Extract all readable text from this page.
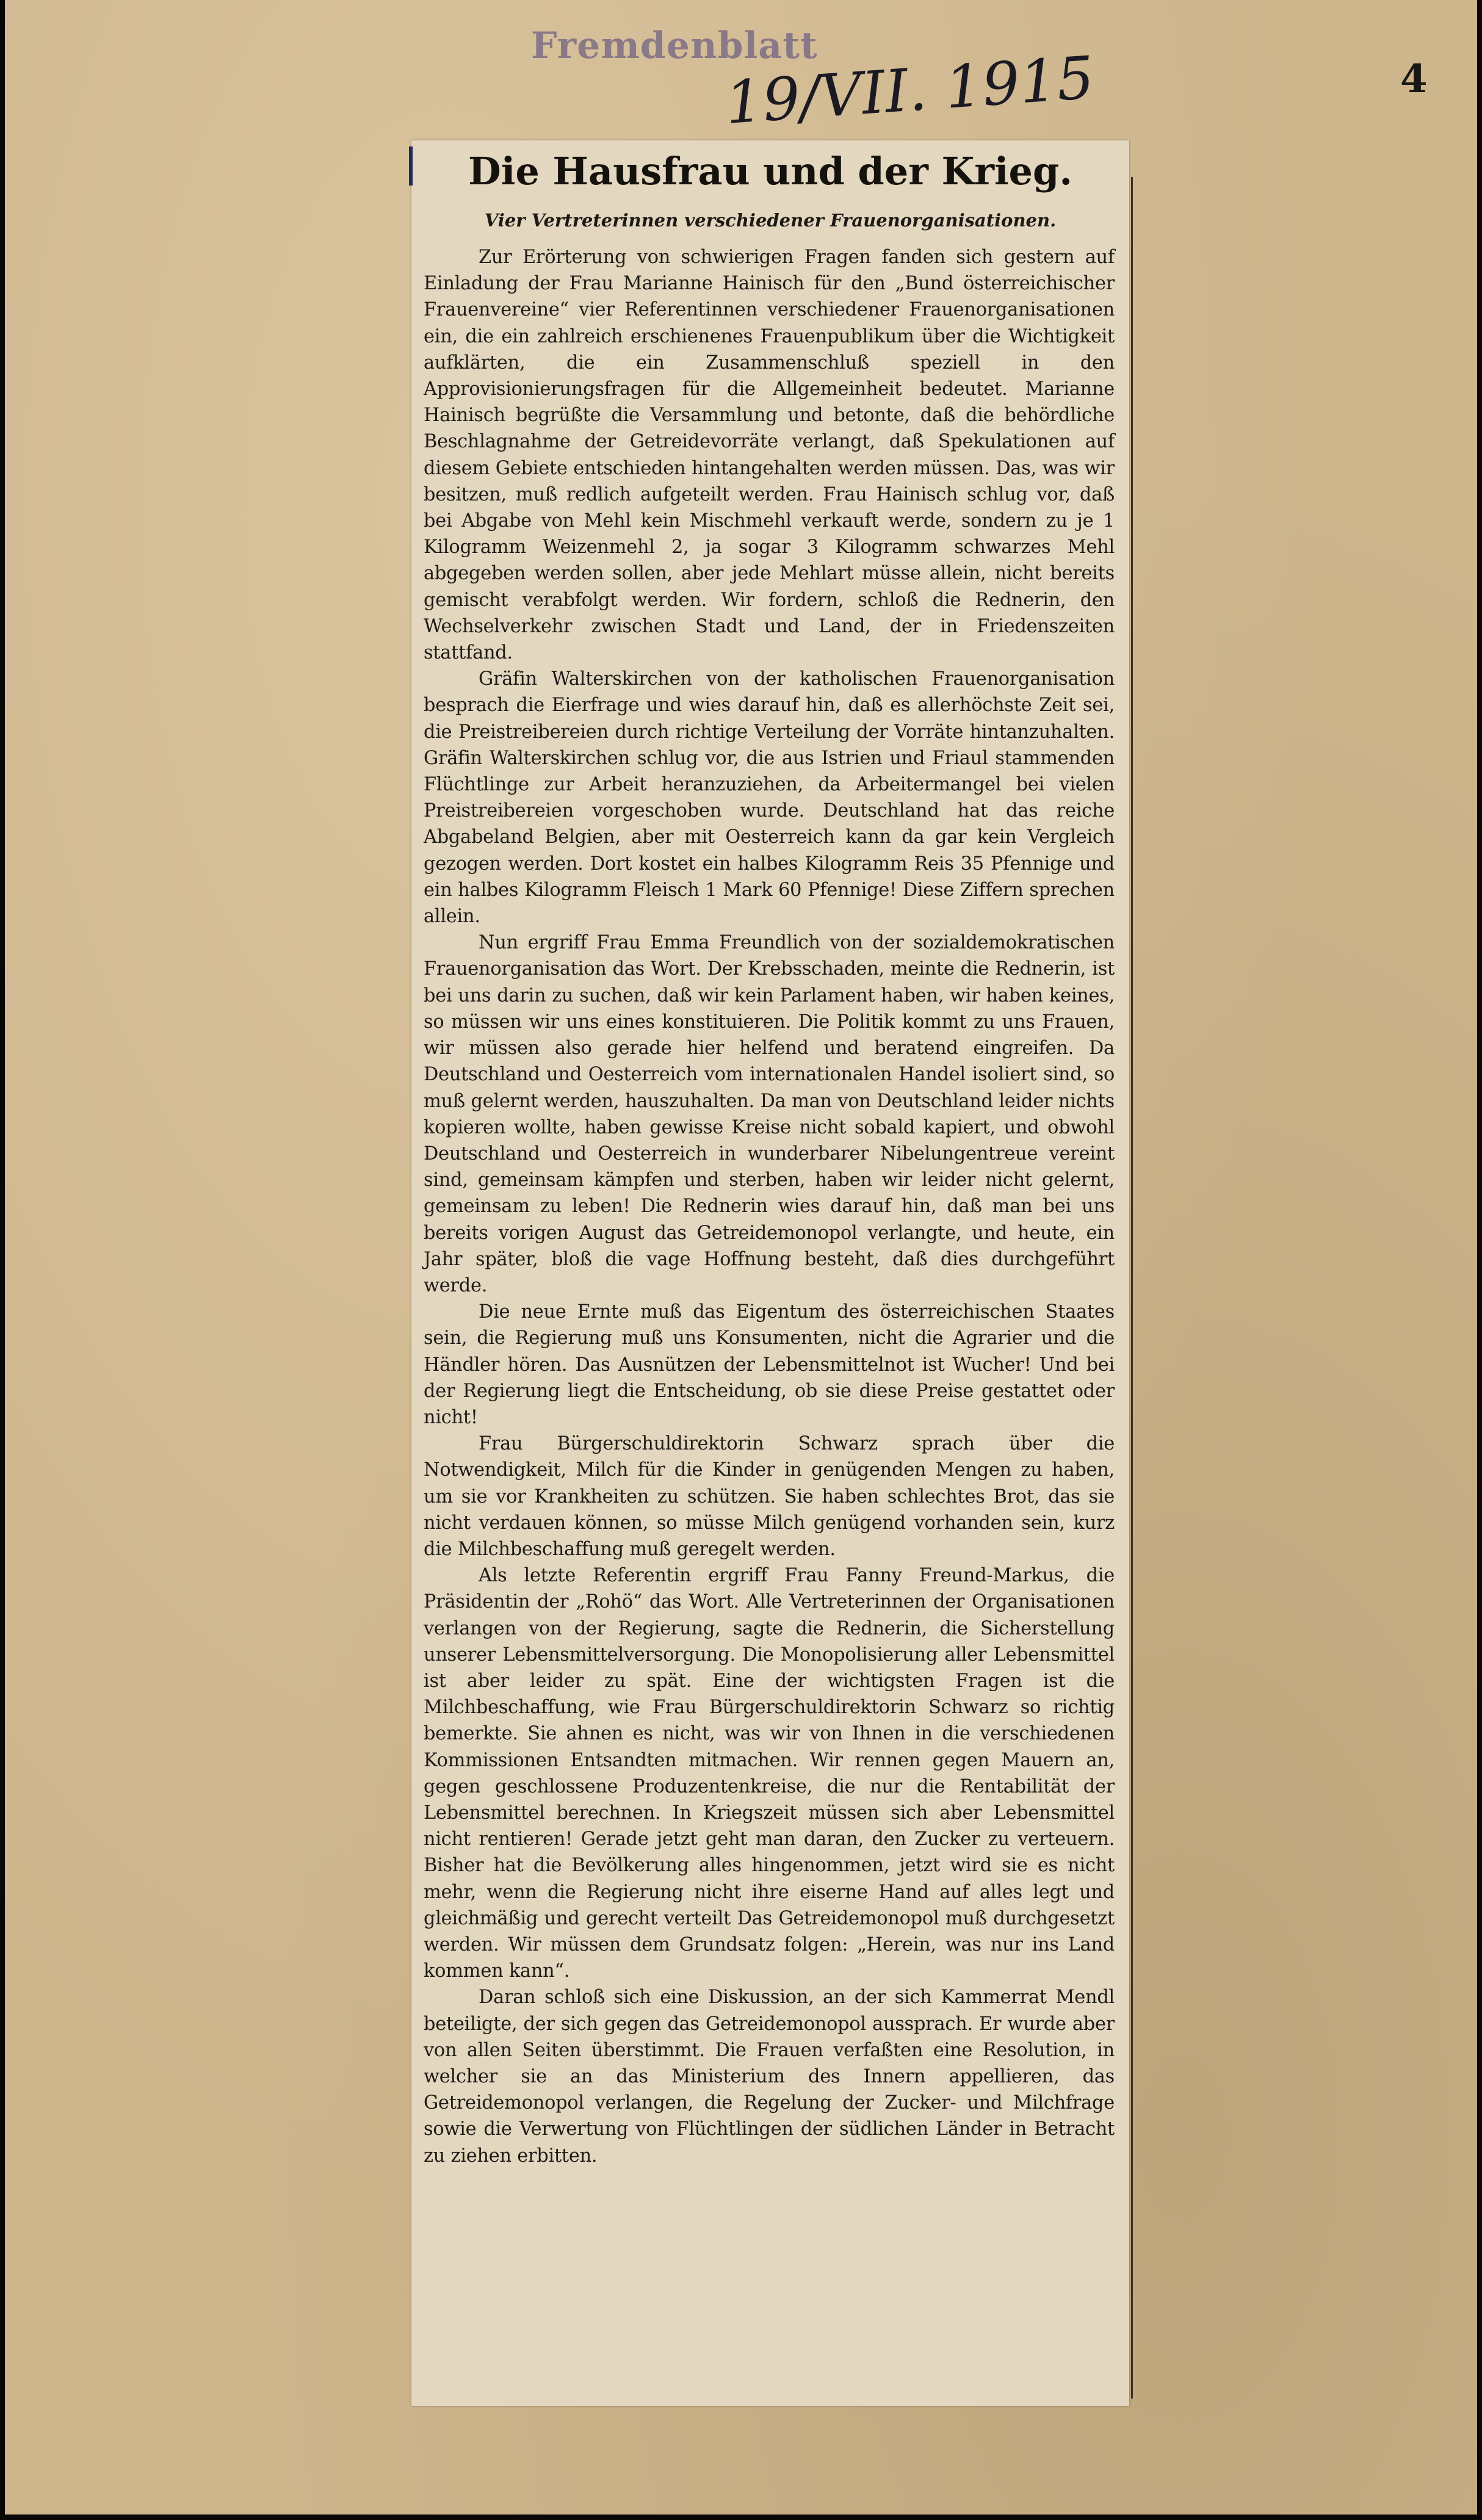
Fremdenblatt
19/VII. 1915	4
Die Hausfrau und der Krieg.
Vier Vertreterinnen verschiedener Frauenorganisationen.

Zur Erörterung von schwierigen Fragen fanden sich gestern auf Einladung der Frau Marianne Hainisch für den „Bund österreichischer Frauenvereine“ vier Referentinnen verschiedener Frauenorganisationen ein, die ein zahlreich erschienenes Frauenpublikum über die Wichtigkeit aufklärten, die ein Zusammenschluß speziell in den Approvisionierungsfragen für die Allgemeinheit bedeutet. Marianne Hainisch begrüßte die Versammlung und betonte, daß die behördliche Beschlagnahme der Getreidevorräte verlangt, daß Spekulationen auf diesem Gebiete entschieden hintangehalten werden müssen. Das, was wir besitzen, muß redlich aufgeteilt werden. Frau Hainisch schlug vor, daß bei Abgabe von Mehl kein Mischmehl verkauft werde, sondern zu je 1 Kilogramm Weizenmehl 2, ja sogar 3 Kilogramm schwarzes Mehl abgegeben werden sollen, aber jede Mehlart müsse allein, nicht bereits gemischt verabfolgt werden. Wir fordern, schloß die Rednerin, den Wechselverkehr zwischen Stadt und Land, der in Friedenszeiten stattfand.

Gräfin Walterskirchen von der katholischen Frauenorganisation besprach die Eierfrage und wies darauf hin, daß es allerhöchste Zeit sei, die Preistreibereien durch richtige Verteilung der Vorräte hintanzuhalten. Gräfin Walterskirchen schlug vor, die aus Istrien und Friaul stammenden Flüchtlinge zur Arbeit heranzuziehen, da Arbeitermangel bei vielen Preistreibereien vorgeschoben wurde. Deutschland hat das reiche Abgabeland Belgien, aber mit Oesterreich kann da gar kein Vergleich gezogen werden. Dort kostet ein halbes Kilogramm Reis 35 Pfennige und ein halbes Kilogramm Fleisch 1 Mark 60 Pfennige! Diese Ziffern sprechen allein.

Nun ergriff Frau Emma Freundlich von der sozialdemokratischen Frauenorganisation das Wort. Der Krebsschaden, meinte die Rednerin, ist bei uns darin zu suchen, daß wir kein Parlament haben, wir haben keines, so müssen wir uns eines konstituieren. Die Politik kommt zu uns Frauen, wir müssen also gerade hier helfend und beratend eingreifen. Da Deutschland und Oesterreich vom internationalen Handel isoliert sind, so muß gelernt werden, hauszuhalten. Da man von Deutschland leider nichts kopieren wollte, haben gewisse Kreise nicht sobald kapiert, und obwohl Deutschland und Oesterreich in wunderbarer Nibelungentreue vereint sind, gemeinsam kämpfen und sterben, haben wir leider nicht gelernt, gemeinsam zu leben! Die Rednerin wies darauf hin, daß man bei uns bereits vorigen August das Getreidemonopol verlangte, und heute, ein Jahr später, bloß die vage Hoffnung besteht, daß dies durchgeführt werde.

Die neue Ernte muß das Eigentum des österreichischen Staates sein, die Regierung muß uns Konsumenten, nicht die Agrarier und die Händler hören. Das Ausnützen der Lebensmittelnot ist Wucher! Und bei der Regierung liegt die Entscheidung, ob sie diese Preise gestattet oder nicht!

Frau Bürgerschuldirektorin Schwarz sprach über die Notwendigkeit, Milch für die Kinder in genügenden Mengen zu haben, um sie vor Krankheiten zu schützen. Sie haben schlechtes Brot, das sie nicht verdauen können, so müsse Milch genügend vorhanden sein, kurz die Milchbeschaffung muß geregelt werden.

Als letzte Referentin ergriff Frau Fanny Freund-Markus, die Präsidentin der „Rohö“ das Wort. Alle Vertreterinnen der Organisationen verlangen von der Regierung, sagte die Rednerin, die Sicherstellung unserer Lebensmittelversorgung. Die Monopolisierung aller Lebensmittel ist aber leider zu spät. Eine der wichtigsten Fragen ist die Milchbeschaffung, wie Frau Bürgerschuldirektorin Schwarz so richtig bemerkte. Sie ahnen es nicht, was wir von Ihnen in die verschiedenen Kommissionen Entsandten mitmachen. Wir rennen gegen Mauern an, gegen geschlossene Produzentenkreise, die nur die Rentabilität der Lebensmittel berechnen. In Kriegszeit müssen sich aber Lebensmittel nicht rentieren! Gerade jetzt geht man daran, den Zucker zu verteuern. Bisher hat die Bevölkerung alles hingenommen, jetzt wird sie es nicht mehr, wenn die Regierung nicht ihre eiserne Hand auf alles legt und gleichmäßig und gerecht verteilt Das Getreidemonopol muß durchgesetzt werden. Wir müssen dem Grundsatz folgen: „Herein, was nur ins Land kommen kann“.

Daran schloß sich eine Diskussion, an der sich Kammerrat Mendl beteiligte, der sich gegen das Getreidemonopol aussprach. Er wurde aber von allen Seiten überstimmt. Die Frauen verfaßten eine Resolution, in welcher sie an das Ministerium des Innern appellieren, das Getreidemonopol verlangen, die Regelung der Zucker- und Milchfrage sowie die Verwertung von Flüchtlingen der südlichen Länder in Betracht zu ziehen erbitten.
